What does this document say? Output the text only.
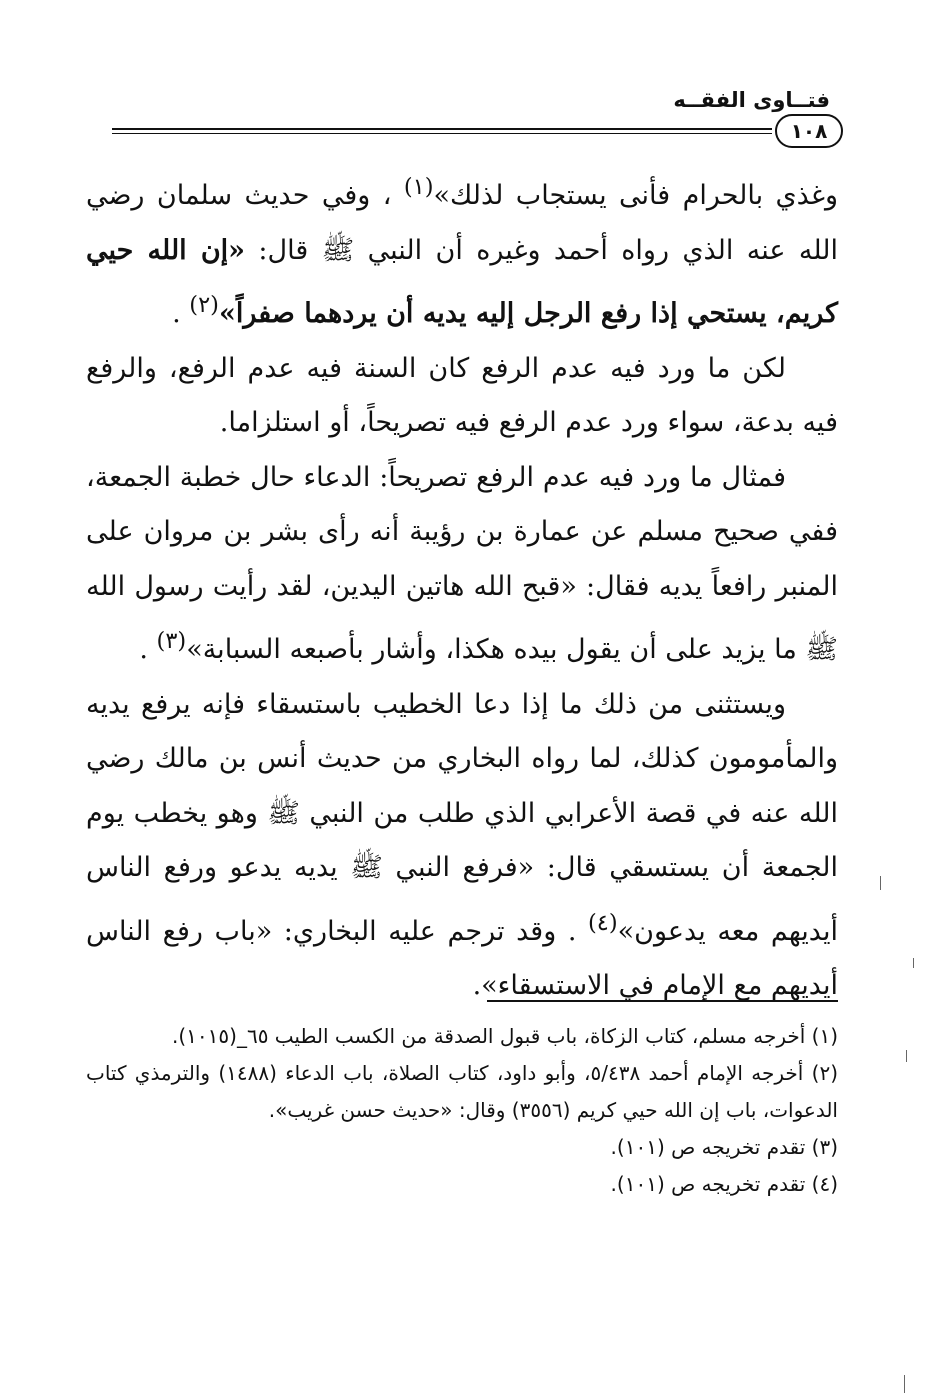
فتــاوى الفقــه
١٠٨

وغذي بالحرام فأنى يستجاب لذلك»$^{(١)}$ ، وفي حديث سلمان رضي الله عنه الذي رواه أحمد وغيره أن النبي ﷺ قال: «إن الله حيي كريم، يستحي إذا رفع الرجل إليه يديه أن يردهما صفراً»$^{(٢)}$ .

لكن ما ورد فيه عدم الرفع كان السنة فيه عدم الرفع، والرفع فيه بدعة، سواء ورد عدم الرفع فيه تصريحاً، أو استلزاما.

فمثال ما ورد فيه عدم الرفع تصريحاً: الدعاء حال خطبة الجمعة، ففي صحيح مسلم عن عمارة بن رؤيبة أنه رأى بشر بن مروان على المنبر رافعاً يديه فقال: «قبح الله هاتين اليدين، لقد رأيت رسول الله ﷺ ما يزيد على أن يقول بيده هكذا، وأشار بأصبعه السبابة»$^{(٣)}$ .

ويستثنى من ذلك ما إذا دعا الخطيب باستسقاء فإنه يرفع يديه والمأمومون كذلك، لما رواه البخاري من حديث أنس بن مالك رضي الله عنه في قصة الأعرابي الذي طلب من النبي ﷺ وهو يخطب يوم الجمعة أن يستسقي قال: «فرفع النبي ﷺ يديه يدعو ورفع الناس أيديهم معه يدعون»$^{(٤)}$ . وقد ترجم عليه البخاري: «باب رفع الناس أيديهم مع الإمام في الاستسقاء».

(١) أخرجه مسلم، كتاب الزكاة، باب قبول الصدقة من الكسب الطيب ٦٥_(١٠١٥).

(٢) أخرجه الإمام أحمد ٥/٤٣٨، وأبو داود، كتاب الصلاة، باب الدعاء (١٤٨٨) والترمذي كتاب الدعوات، باب إن الله حيي كريم (٣٥٥٦) وقال: «حديث حسن غريب».

(٣) تقدم تخريجه ص (١٠١).

(٤) تقدم تخريجه ص (١٠١).
